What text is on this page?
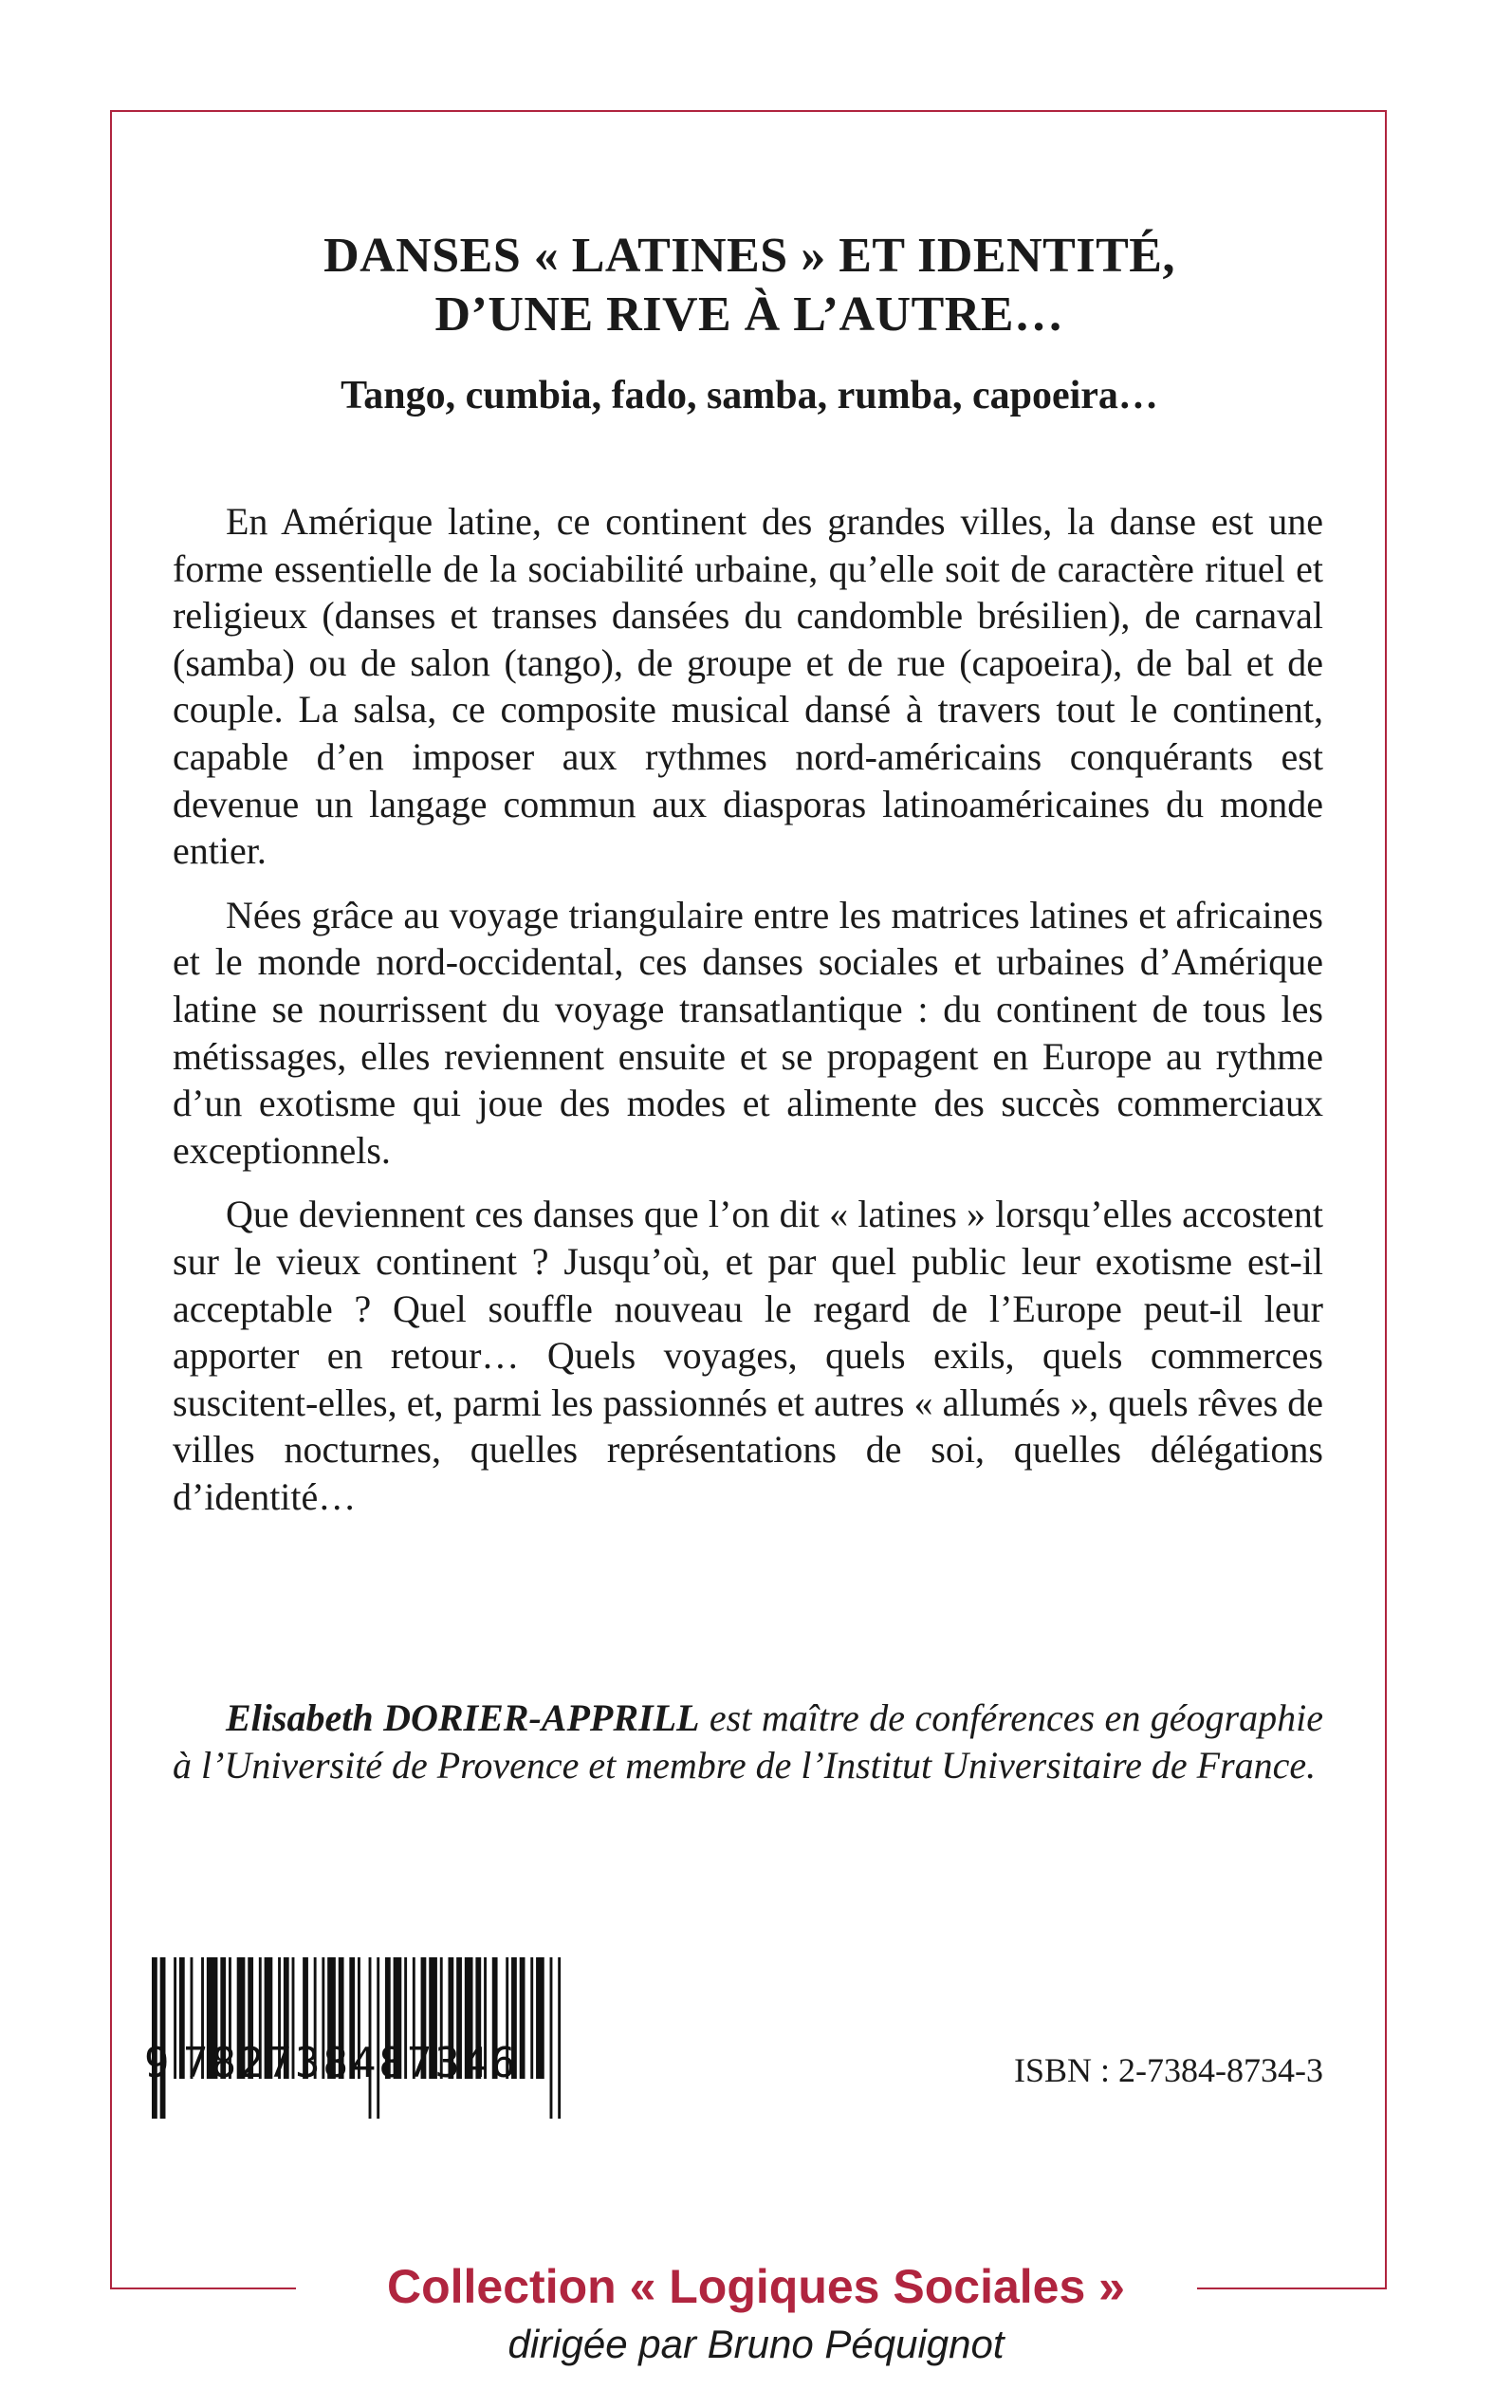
DANSES « LATINES » ET IDENTITÉ,
D’UNE RIVE À L’AUTRE…
Tango, cumbia, fado, samba, rumba, capoeira…

En Amérique latine, ce continent des grandes villes, la danse est une forme essentielle de la sociabilité urbaine, qu’elle soit de caractère rituel et religieux (danses et transes dansées du candomble brésilien), de carnaval (samba) ou de salon (tango), de groupe et de rue (capoeira), de bal et de couple. La salsa, ce composite musical dansé à travers tout le continent, capable d’en imposer aux rythmes nord-américains conquérants est devenue un langage commun aux diasporas latinoaméricaines du monde entier.

Nées grâce au voyage triangulaire entre les matrices latines et africaines et le monde nord-occidental, ces danses sociales et urbaines d’Amérique latine se nourrissent du voyage transatlantique : du continent de tous les métissages, elles reviennent ensuite et se propagent en Europe au rythme d’un exotisme qui joue des modes et alimente des succès commerciaux exceptionnels.

Que deviennent ces danses que l’on dit « latines » lorsqu’elles accostent sur le vieux continent ? Jusqu’où, et par quel public leur exotisme est-il acceptable ? Quel souffle nouveau le regard de l’Europe peut-il leur apporter en retour… Quels voyages, quels exils, quels commerces suscitent-elles, et, parmi les passionnés et autres « allumés », quels rêves de villes nocturnes, quelles représentations de soi, quelles délégations d’identité…

Elisabeth DORIER-APPRILL est maître de conférences en géographie à l’Université de Provence et membre de l’Institut Universitaire de France.

9 782738487346	ISBN : 2-7384-8734-3

Collection « Logiques Sociales »

dirigée par Bruno Péquignot
